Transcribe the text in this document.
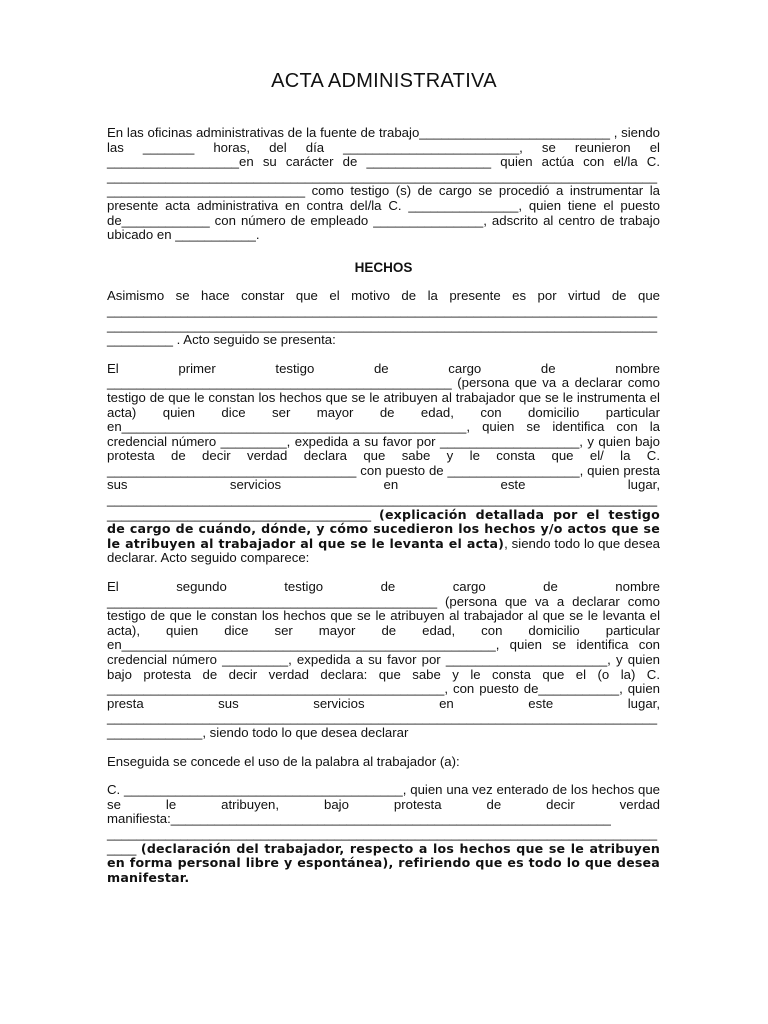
ACTA ADMINISTRATIVA

En las oficinas administrativas de la fuente de trabajo__________________________ , siendo las _______ horas, del día ________________________, se reunieron el __________________en su carácter de _________________ quien actúa con el/la C. ______________________________________________________________________________________________________ como testigo (s) de cargo se procedió a instrumentar la presente acta administrativa en contra del/la C. _______________, quien tiene el puesto de____________ con número de empleado _______________, adscrito al centro de trabajo ubicado en ___________.

HECHOS

Asimismo se hace constar que el motivo de la presente es por virtud de que _______________________________________________________________________________________________________________________________________________________________ . Acto seguido se presenta:

El primer testigo de cargo de nombre _______________________________________________ (persona que va a declarar como testigo de que le constan los hechos que se le atribuyen al trabajador que se le instrumenta el acta) quien dice ser mayor de edad, con domicilio particular en_______________________________________________, quien se identifica con la credencial número _________, expedida a su favor por ___________________, y quien bajo protesta de decir verdad declara que sabe y le consta que el/ la C. __________________________________ con puesto de __________________, quien presta sus servicios en este lugar, _______________________________________________________________________________________________________________ (explicación detallada por el testigo de cargo de cuándo, dónde, y cómo sucedieron los hechos y/o actos que se le atribuyen al trabajador al que se le levanta el acta), siendo todo lo que desea declarar. Acto seguido comparece:

El segundo testigo de cargo de nombre _____________________________________________ (persona que va a declarar como testigo de que le constan los hechos que se le atribuyen al trabajador al que se le levanta el acta), quien dice ser mayor de edad, con domicilio particular en___________________________________________________, quien se identifica con credencial número _________, expedida a su favor por ______________________, y quien bajo protesta de decir verdad declara: que sabe y le consta que el (o la) C. ______________________________________________, con puesto de___________, quien presta sus servicios en este lugar, ________________________________________________________________________________________, siendo todo lo que desea declarar

Enseguida se concede el uso de la palabra al trabajador (a):

C. ______________________________________, quien una vez enterado de los hechos que se le atribuyen, bajo protesta de decir verdad manifiesta:____________________________________________________________ _______________________________________________________________________________ (declaración del trabajador, respecto a los hechos que se le atribuyen en forma personal libre y espontánea), refiriendo que es todo lo que desea manifestar.
